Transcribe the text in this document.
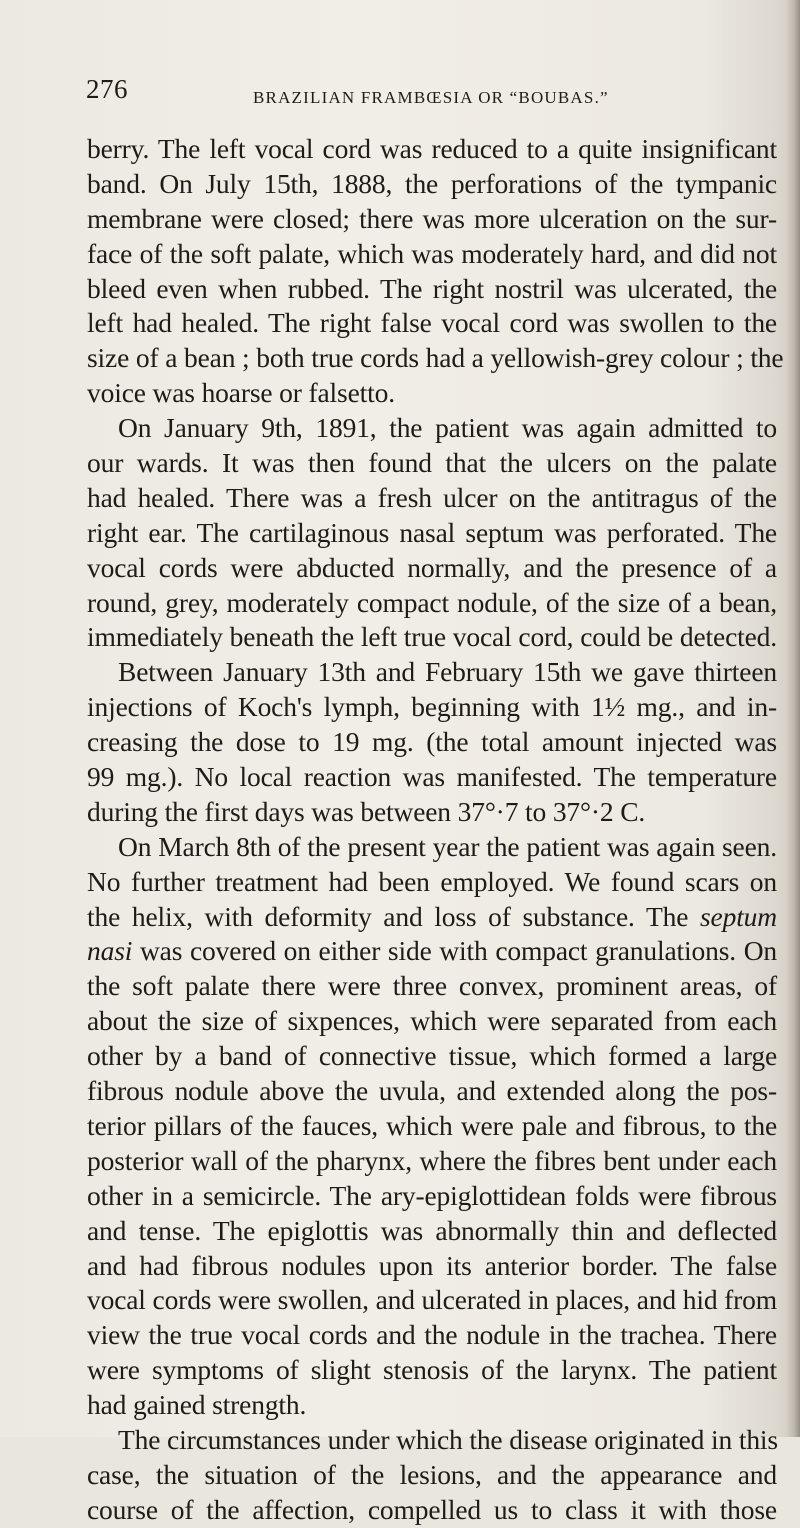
276	BRAZILIAN FRAMBŒSIA OR “BOUBAS.”
berry. The left vocal cord was reduced to a quite insignificant
band. On July 15th, 1888, the perforations of the tympanic
membrane were closed; there was more ulceration on the sur-
face of the soft palate, which was moderately hard, and did not
bleed even when rubbed. The right nostril was ulcerated, the
left had healed. The right false vocal cord was swollen to the
size of a bean ; both true cords had a yellowish-grey colour ; the
voice was hoarse or falsetto.
On January 9th, 1891, the patient was again admitted to
our wards. It was then found that the ulcers on the palate
had healed. There was a fresh ulcer on the antitragus of the
right ear. The cartilaginous nasal septum was perforated. The
vocal cords were abducted normally, and the presence of a
round, grey, moderately compact nodule, of the size of a bean,
immediately beneath the left true vocal cord, could be detected.
Between January 13th and February 15th we gave thirteen
injections of Koch's lymph, beginning with 1½ mg., and in-
creasing the dose to 19 mg. (the total amount injected was
99 mg.). No local reaction was manifested. The temperature
during the first days was between 37°·7 to 37°·2 C.
On March 8th of the present year the patient was again seen.
No further treatment had been employed. We found scars on
the helix, with deformity and loss of substance. The septum
nasi was covered on either side with compact granulations. On
the soft palate there were three convex, prominent areas, of
about the size of sixpences, which were separated from each
other by a band of connective tissue, which formed a large
fibrous nodule above the uvula, and extended along the pos-
terior pillars of the fauces, which were pale and fibrous, to the
posterior wall of the pharynx, where the fibres bent under each
other in a semicircle. The ary-epiglottidean folds were fibrous
and tense. The epiglottis was abnormally thin and deflected
and had fibrous nodules upon its anterior border. The false
vocal cords were swollen, and ulcerated in places, and hid from
view the true vocal cords and the nodule in the trachea. There
were symptoms of slight stenosis of the larynx. The patient
had gained strength.
The circumstances under which the disease originated in this
case, the situation of the lesions, and the appearance and
course of the affection, compelled us to class it with those
